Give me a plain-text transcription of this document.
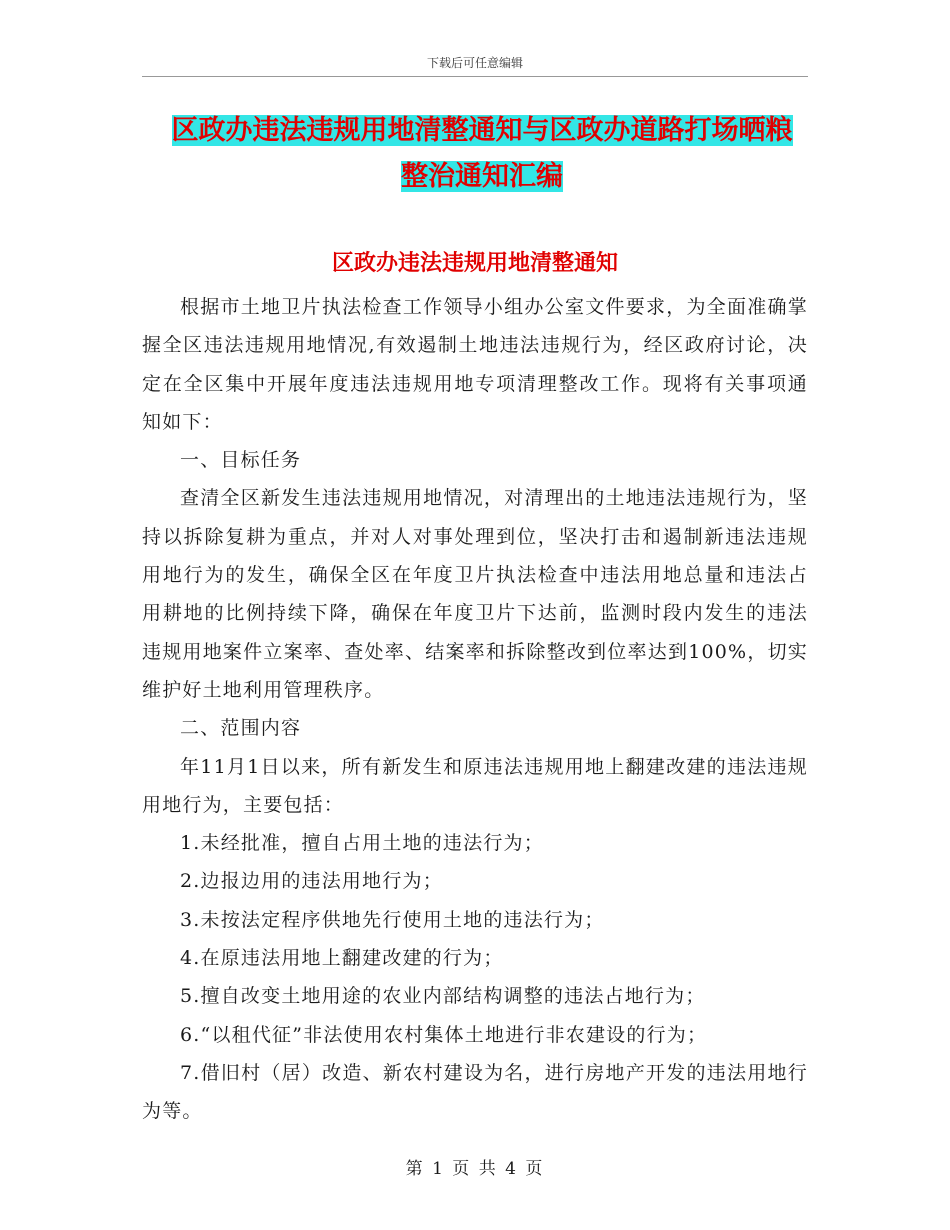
下载后可任意编辑
区政办违法违规用地清整通知与区政办道路打场晒粮
整治通知汇编
区政办违法违规用地清整通知

根据市土地卫片执法检查工作领导小组办公室文件要求，为全面准确掌握全区违法违规用地情况,有效遏制土地违法违规行为，经区政府讨论，决定在全区集中开展年度违法违规用地专项清理整改工作。现将有关事项通知如下：

一、目标任务

查清全区新发生违法违规用地情况，对清理出的土地违法违规行为，坚持以拆除复耕为重点，并对人对事处理到位，坚决打击和遏制新违法违规用地行为的发生，确保全区在年度卫片执法检查中违法用地总量和违法占用耕地的比例持续下降，确保在年度卫片下达前，监测时段内发生的违法违规用地案件立案率、查处率、结案率和拆除整改到位率达到100%，切实维护好土地利用管理秩序。

二、范围内容

年11月1日以来，所有新发生和原违法违规用地上翻建改建的违法违规用地行为，主要包括：

1.未经批准，擅自占用土地的违法行为；

2.边报边用的违法用地行为；

3.未按法定程序供地先行使用土地的违法行为；

4.在原违法用地上翻建改建的行为；

5.擅自改变土地用途的农业内部结构调整的违法占地行为；

6.“以租代征”非法使用农村集体土地进行非农建设的行为；

7.借旧村（居）改造、新农村建设为名，进行房地产开发的违法用地行为等。

第 1 页 共 4 页
